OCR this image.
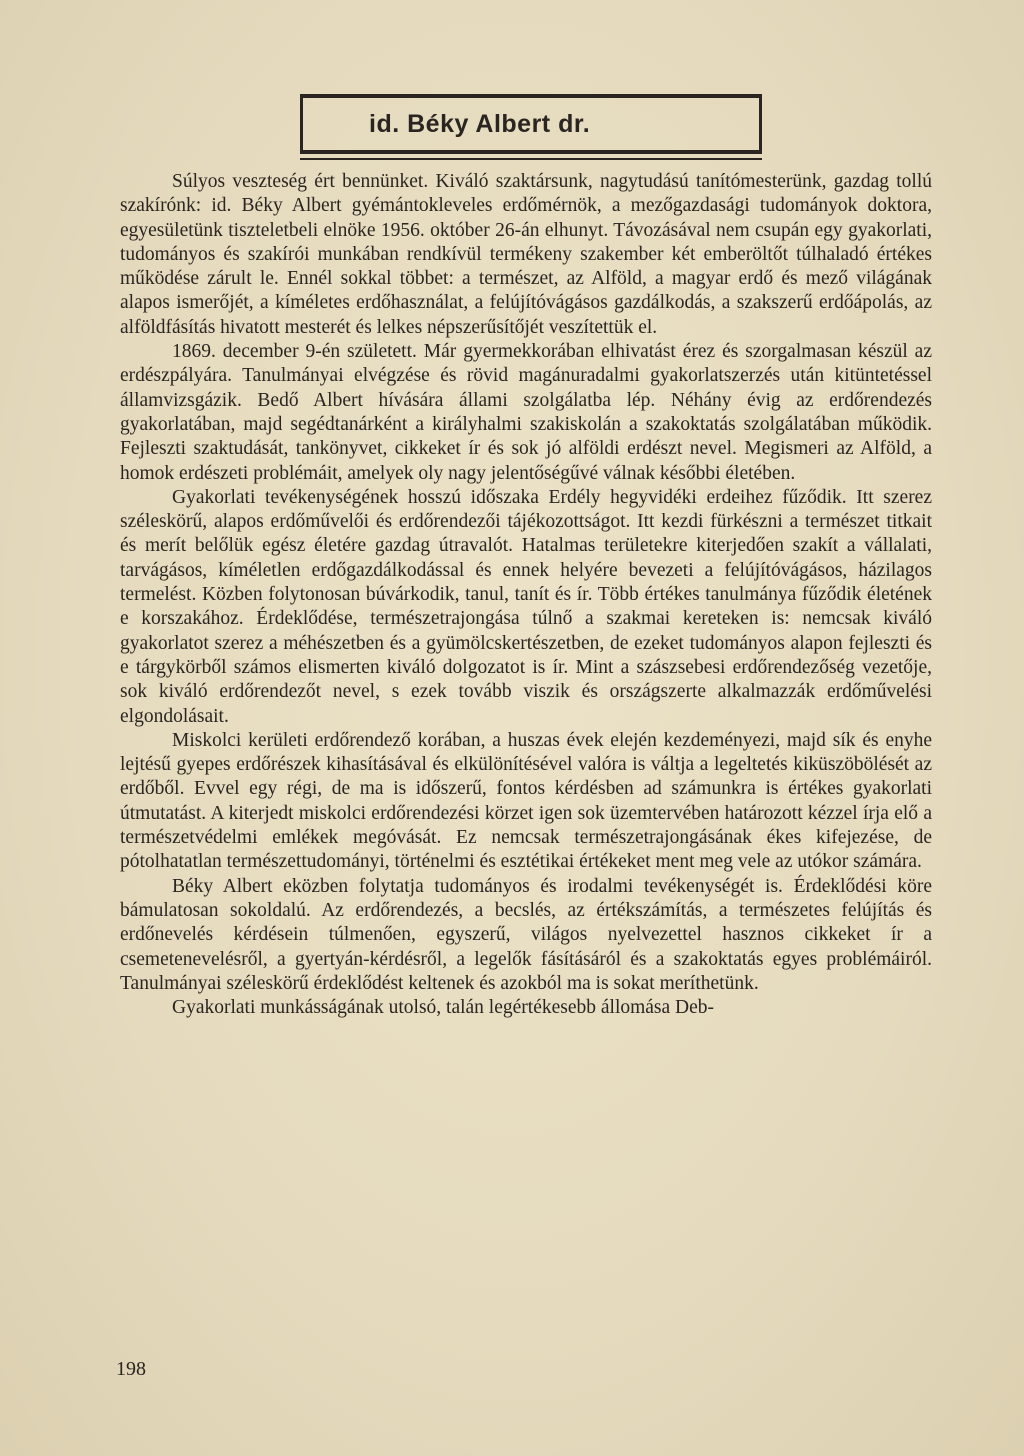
id. Béky Albert dr.

Súlyos veszteség ért bennünket. Kiváló szaktársunk, nagytudású tanítómesterünk, gazdag tollú szakírónk: id. Béky Albert gyémántokleveles erdőmérnök, a mezőgazdasági tudományok doktora, egyesületünk tiszteletbeli elnöke 1956. október 26-án elhunyt. Távozásával nem csupán egy gyakorlati, tudományos és szakírói munkában rendkívül termékeny szakember két emberöltőt túlhaladó értékes működése zárult le. Ennél sokkal többet: a természet, az Alföld, a magyar erdő és mező világának alapos ismerőjét, a kíméletes erdőhasználat, a felújítóvágásos gazdálkodás, a szakszerű erdőápolás, az alföldfásítás hivatott mesterét és lelkes népszerűsítőjét veszítettük el.

1869. december 9-én született. Már gyermekkorában elhivatást érez és szorgalmasan készül az erdészpályára. Tanulmányai elvégzése és rövid magánuradalmi gyakorlatszerzés után kitüntetéssel államvizsgázik. Bedő Albert hívására állami szolgálatba lép. Néhány évig az erdőrendezés gyakorlatában, majd segédtanárként a királyhalmi szakiskolán a szakoktatás szolgálatában működik. Fejleszti szaktudását, tankönyvet, cikkeket ír és sok jó alföldi erdészt nevel. Megismeri az Alföld, a homok erdészeti problémáit, amelyek oly nagy jelentőségűvé válnak későbbi életében.

Gyakorlati tevékenységének hosszú időszaka Erdély hegyvidéki erdeihez fűződik. Itt szerez széleskörű, alapos erdőművelői és erdőrendezői tájékozottságot. Itt kezdi fürkészni a természet titkait és merít belőlük egész életére gazdag útravalót. Hatalmas területekre kiterjedően szakít a vállalati, tarvágásos, kíméletlen erdőgazdálkodással és ennek helyére bevezeti a felújítóvágásos, házilagos termelést. Közben folytonosan búvárkodik, tanul, tanít és ír. Több értékes tanulmánya fűződik életének e korszakához. Érdeklődése, természetrajongása túlnő a szakmai kereteken is: nemcsak kiváló gyakorlatot szerez a méhészetben és a gyümölcskertészetben, de ezeket tudományos alapon fejleszti és e tárgykörből számos elismerten kiváló dolgozatot is ír. Mint a szászsebesi erdőrendezőség vezetője, sok kiváló erdőrendezőt nevel, s ezek tovább viszik és országszerte alkalmazzák erdőművelési elgondolásait.

Miskolci kerületi erdőrendező korában, a huszas évek elején kezdeményezi, majd sík és enyhe lejtésű gyepes erdőrészek kihasításával és elkülönítésével valóra is váltja a legeltetés kiküszöbölését az erdőből. Evvel egy régi, de ma is időszerű, fontos kérdésben ad számunkra is értékes gyakorlati útmutatást. A kiterjedt miskolci erdőrendezési körzet igen sok üzemtervében határozott kézzel írja elő a természetvédelmi emlékek megóvását. Ez nemcsak természetrajongásának ékes kifejezése, de pótolhatatlan természettudományi, történelmi és esztétikai értékeket ment meg vele az utókor számára.

Béky Albert eközben folytatja tudományos és irodalmi tevékenységét is. Érdeklődési köre bámulatosan sokoldalú. Az erdőrendezés, a becslés, az értékszámítás, a természetes felújítás és erdőnevelés kérdésein túlmenően, egyszerű, világos nyelvezettel hasznos cikkeket ír a csemetenevelésről, a gyertyán-kérdésről, a legelők fásításáról és a szakoktatás egyes problémáiról. Tanulmányai széleskörű érdeklődést keltenek és azokból ma is sokat meríthetünk.

Gyakorlati munkásságának utolsó, talán legértékesebb állomása Deb-

198
